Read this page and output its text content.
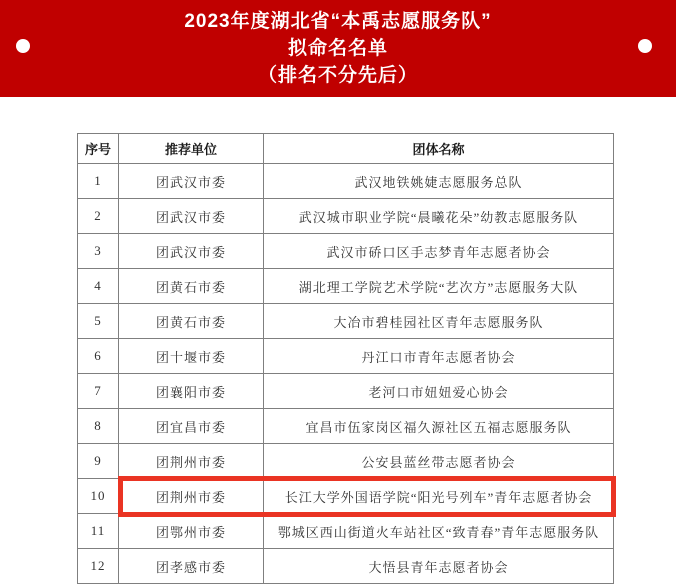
2023年度湖北省“本禹志愿服务队”
拟命名名单
（排名不分先后）
序号	推荐单位	团体名称
1	团武汉市委	武汉地铁姚婕志愿服务总队
2	团武汉市委	武汉城市职业学院“晨曦花朵”幼教志愿服务队
3	团武汉市委	武汉市硚口区手志梦青年志愿者协会
4	团黄石市委	湖北理工学院艺术学院“艺次方”志愿服务大队
5	团黄石市委	大冶市碧桂园社区青年志愿服务队
6	团十堰市委	丹江口市青年志愿者协会
7	团襄阳市委	老河口市妞妞爱心协会
8	团宜昌市委	宜昌市伍家岗区福久源社区五福志愿服务队
9	团荆州市委	公安县蓝丝带志愿者协会
10	团荆州市委	长江大学外国语学院“阳光号列车”青年志愿者协会
11	团鄂州市委	鄂城区西山街道火车站社区“致青春”青年志愿服务队
12	团孝感市委	大悟县青年志愿者协会
